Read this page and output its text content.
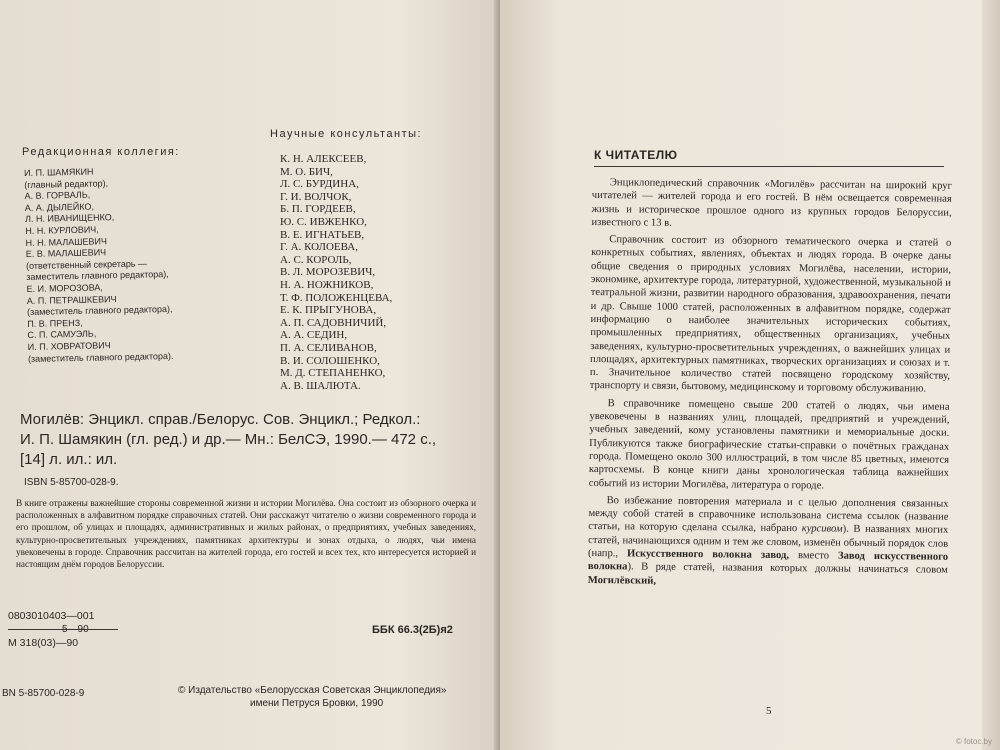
Редакционная коллегия:
И. П. ШАМЯКИН
(главный редактор),
А. В. ГОРВАЛЬ,
А. А. ДЫЛЕЙКО,
Л. Н. ИВАНИЩЕНКО,
Н. Н. КУРЛОВИЧ,
Н. Н. МАЛАШЕВИЧ
Е. В. МАЛАШЕВИЧ
(ответственный секретарь —
заместитель главного редактора),
Е. И. МОРОЗОВА,
А. П. ПЕТРАШКЕВИЧ
(заместитель главного редактора),
П. В. ПРЕНЗ,
С. П. САМУЭЛЬ,
И. П. ХОВРАТОВИЧ
(заместитель главного редактора).
Научные консультанты:
К. Н. АЛЕКСЕЕВ,
М. О. БИЧ,
Л. С. БУРДИНА,
Г. И. ВОЛЧОК,
Б. П. ГОРДЕЕВ,
Ю. С. ИВЖЕНКО,
В. Е. ИГНАТЬЕВ,
Г. А. КОЛОЕВА,
А. С. КОРОЛЬ,
В. Л. МОРОЗЕВИЧ,
Н. А. НОЖНИКОВ,
Т. Ф. ПОЛОЖЕНЦЕВА,
Е. К. ПРЫГУНОВА,
А. П. САДОВНИЧИЙ,
А. А. СЕДИН,
П. А. СЕЛИВАНОВ,
В. И. СОЛОШЕНКО,
М. Д. СТЕПАНЕНКО,
А. В. ШАЛЮТА.
Могилёв: Энцикл. справ./Белорус. Сов. Энцикл.; Редкол.:
И. П. Шамякин (гл. ред.) и др.— Мн.: БелСЭ, 1990.— 472 с.,
[14] л. ил.: ил.
ISBN 5-85700-028-9.
В книге отражены важнейшие стороны современной жизни и истории Могилёва. Она состоит из обзорного очерка и расположенных в алфавитном порядке справочных статей. Они расскажут читателю о жизни современного города и его прошлом, об улицах и площадях, административных и жилых районах, о предприятиях, учебных заведениях, культурно-просветительных учреждениях, памятниках архитектуры и зонах отдыха, о людях, чьи имена увековечены в городе. Справочник рассчитан на жителей города, его гостей и всех тех, кто интересуется историей и настоящим днём городов Белоруссии.
0803010403—001
5—90
М 318(03)—90
ББК 66.3(2Б)я2
BN 5-85700-028-9	© Издательство «Белорусская Советская Энциклопедия»
имени Петруся Бровки, 1990
К ЧИТАТЕЛЮ

Энциклопедический справочник «Могилёв» рассчитан на широкий круг читателей — жителей города и его гостей. В нём освещается современная жизнь и историческое прошлое одного из крупных городов Белоруссии, известного с 13 в.

Справочник состоит из обзорного тематического очерка и статей о конкретных событиях, явлениях, объектах и людях города. В очерке даны общие сведения о природных условиях Могилёва, населении, истории, экономике, архитектуре города, литературной, художественной, музыкальной и театральной жизни, развитии народного образования, здравоохранения, печати и др. Свыше 1000 статей, расположенных в алфавитном порядке, содержат информацию о наиболее значительных исторических событиях, промышленных предприятиях, общественных организациях, учебных заведениях, культурно-просветительных учреждениях, о важнейших улицах и площадях, архитектурных памятниках, творческих организациях и союзах и т. п. Значительное количество статей посвящено городскому хозяйству, транспорту и связи, бытовому, медицинскому и торговому обслуживанию.

В справочнике помещено свыше 200 статей о людях, чьи имена увековечены в названиях улиц, площадей, предприятий и учреждений, учебных заведений, кому установлены памятники и мемориальные доски. Публикуются также биографические статьи-справки о почётных гражданах города. Помещено около 300 иллюстраций, в том числе 85 цветных, имеются картосхемы. В конце книги даны хронологическая таблица важнейших событий из истории Могилёва, литература о городе.

Во избежание повторения материала и с целью дополнения связанных между собой статей в справочнике использована система ссылок (название статьи, на которую сделана ссылка, набрано курсивом). В названиях многих статей, начинающихся одним и тем же словом, изменён обычный порядок слов (напр., Искусственного волокна завод, вместо Завод искусственного волокна). В ряде статей, названия которых должны начинаться словом Могилёвский,

5
© fotoc.by
